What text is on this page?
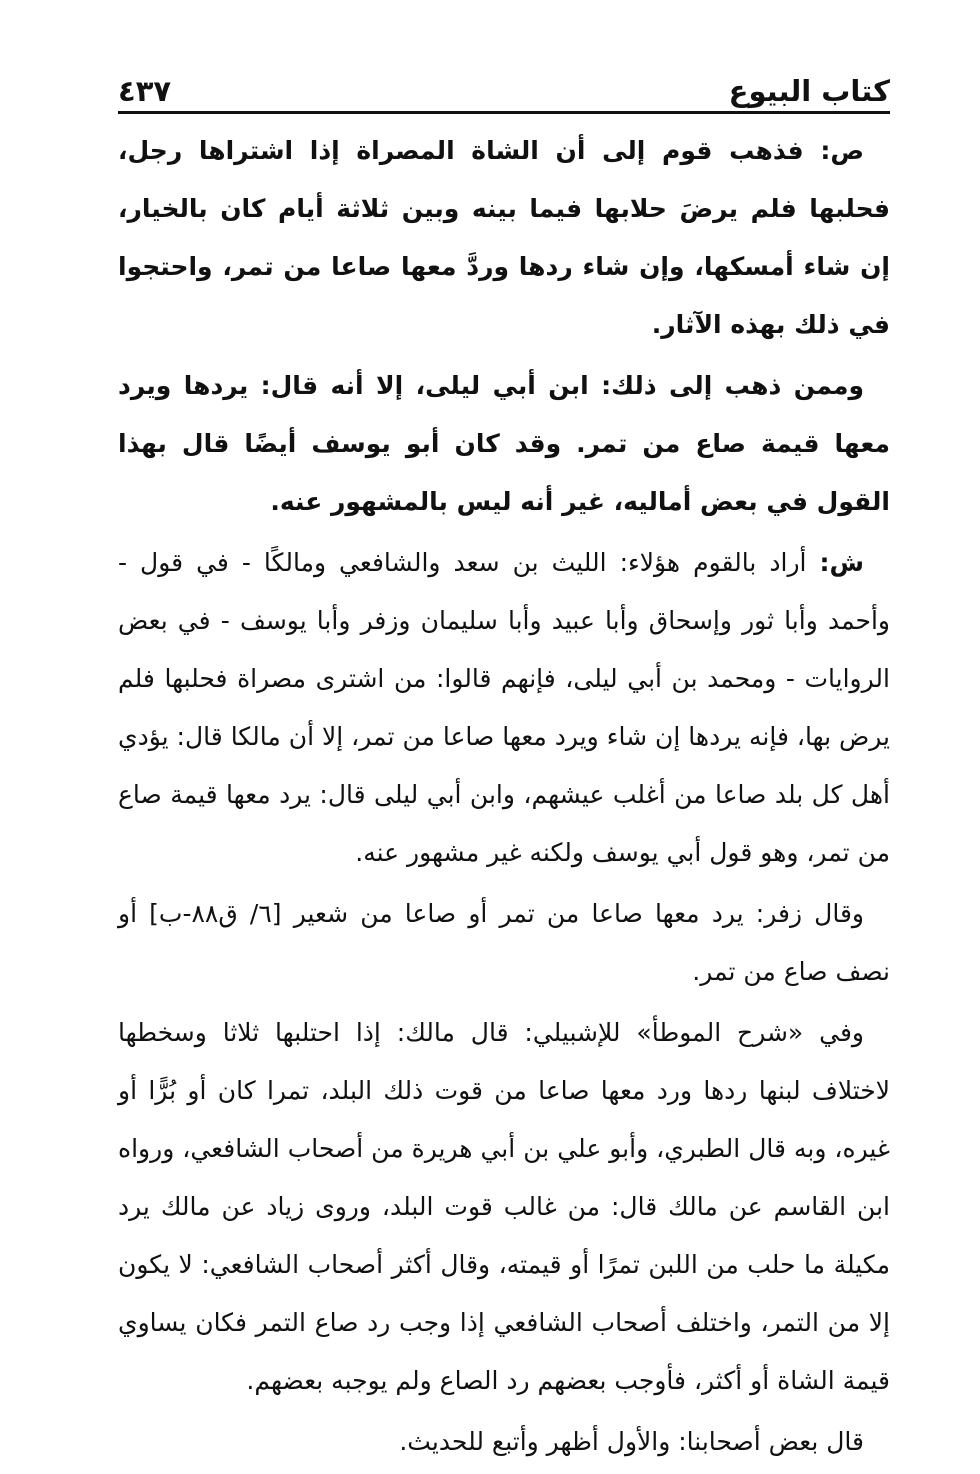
كتاب البيوع
٤٣٧

ص: فذهب قوم إلى أن الشاة المصراة إذا اشتراها رجل، فحلبها فلم يرضَ حلابها فيما بينه وبين ثلاثة أيام كان بالخيار، إن شاء أمسكها، وإن شاء ردها وردَّ معها صاعا من تمر، واحتجوا في ذلك بهذه الآثار.

وممن ذهب إلى ذلك: ابن أبي ليلى، إلا أنه قال: يردها ويرد معها قيمة صاع من تمر. وقد كان أبو يوسف أيضًا قال بهذا القول في بعض أماليه، غير أنه ليس بالمشهور عنه.

ش: أراد بالقوم هؤلاء: الليث بن سعد والشافعي ومالكًا - في قول - وأحمد وأبا ثور وإسحاق وأبا عبيد وأبا سليمان وزفر وأبا يوسف - في بعض الروايات - ومحمد بن أبي ليلى، فإنهم قالوا: من اشترى مصراة فحلبها فلم يرض بها، فإنه يردها إن شاء ويرد معها صاعا من تمر، إلا أن مالكا قال: يؤدي أهل كل بلد صاعا من أغلب عيشهم، وابن أبي ليلى قال: يرد معها قيمة صاع من تمر، وهو قول أبي يوسف ولكنه غير مشهور عنه.

وقال زفر: يرد معها صاعا من تمر أو صاعا من شعير [٦/ ق٨٨-ب] أو نصف صاع من تمر.

وفي «شرح الموطأ» للإشبيلي: قال مالك: إذا احتلبها ثلاثا وسخطها لاختلاف لبنها ردها ورد معها صاعا من قوت ذلك البلد، تمرا كان أو بُرًّا أو غيره، وبه قال الطبري، وأبو علي بن أبي هريرة من أصحاب الشافعي، ورواه ابن القاسم عن مالك قال: من غالب قوت البلد، وروى زياد عن مالك يرد مكيلة ما حلب من اللبن تمرًا أو قيمته، وقال أكثر أصحاب الشافعي: لا يكون إلا من التمر، واختلف أصحاب الشافعي إذا وجب رد صاع التمر فكان يساوي قيمة الشاة أو أكثر، فأوجب بعضهم رد الصاع ولم يوجبه بعضهم.

قال بعض أصحابنا: والأول أظهر وأتبع للحديث.
